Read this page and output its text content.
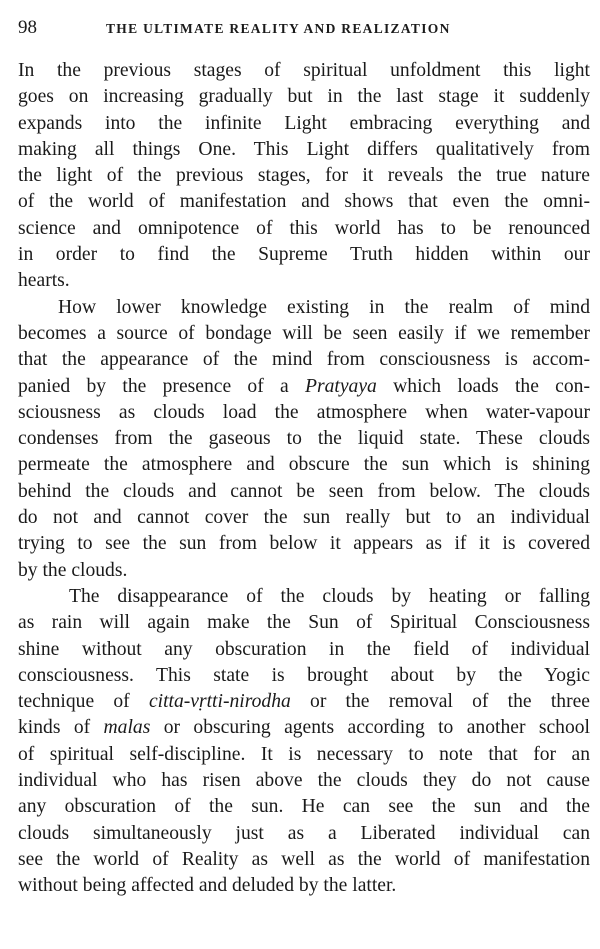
98	THE ULTIMATE REALITY AND REALIZATION

In the previous stages of spiritual unfoldment this light
goes on increasing gradually but in the last stage it suddenly
expands into the infinite Light embracing everything and
making all things One. This Light differs qualitatively from
the light of the previous stages, for it reveals the true nature
of the world of manifestation and shows that even the omni-
science and omnipotence of this world has to be renounced
in order to find the Supreme Truth hidden within our
hearts.

How lower knowledge existing in the realm of mind
becomes a source of bondage will be seen easily if we remember
that the appearance of the mind from consciousness is accom-
panied by the presence of a Pratyaya which loads the con-
sciousness as clouds load the atmosphere when water-vapour
condenses from the gaseous to the liquid state. These clouds
permeate the atmosphere and obscure the sun which is shining
behind the clouds and cannot be seen from below. The clouds
do not and cannot cover the sun really but to an individual
trying to see the sun from below it appears as if it is covered
by the clouds.

The disappearance of the clouds by heating or falling
as rain will again make the Sun of Spiritual Consciousness
shine without any obscuration in the field of individual
consciousness. This state is brought about by the Yogic
technique of citta-vṛtti-nirodha or the removal of the three
kinds of malas or obscuring agents according to another school
of spiritual self-discipline. It is necessary to note that for an
individual who has risen above the clouds they do not cause
any obscuration of the sun. He can see the sun and the
clouds simultaneously just as a Liberated individual can
see the world of Reality as well as the world of manifestation
without being affected and deluded by the latter.
